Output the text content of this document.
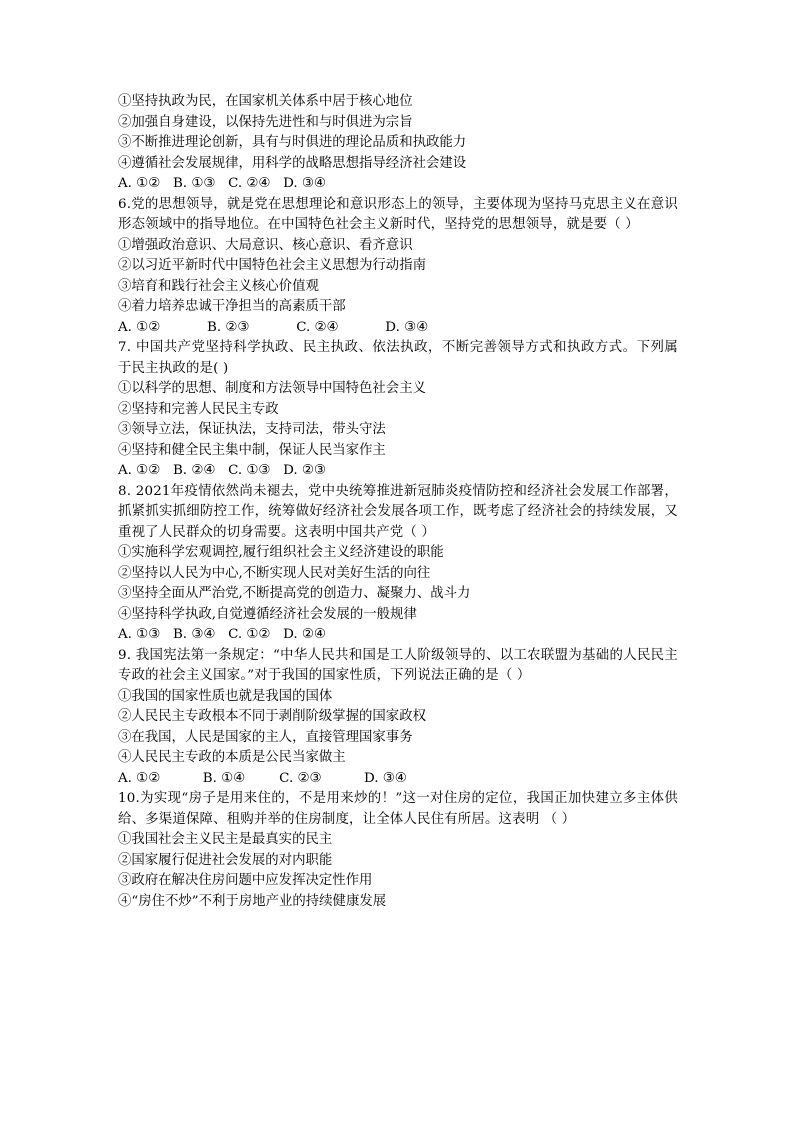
①坚持执政为民，在国家机关体系中居于核心地位
②加强自身建设，以保持先进性和与时俱进为宗旨
③不断推进理论创新，具有与时俱进的理论品质和执政能力
④遵循社会发展规律，用科学的战略思想指导经济社会建设
A. ①②   B. ①③   C. ②④   D. ③④
6.党的思想领导，就是党在思想理论和意识形态上的领导，主要体现为坚持马克思主义在意识形态领域中的指导地位。在中国特色社会主义新时代，坚持党的思想领导，就是要（ ）
①增强政治意识、大局意识、核心意识、看齐意识
②以习近平新时代中国特色社会主义思想为行动指南
③培育和践行社会主义核心价值观
④着力培养忠诚干净担当的高素质干部
A. ①②           B. ②③           C. ②④           D. ③④
7. 中国共产党坚持科学执政、民主执政、依法执政，不断完善领导方式和执政方式。下列属于民主执政的是( )
①以科学的思想、制度和方法领导中国特色社会主义
②坚持和完善人民民主专政
③领导立法，保证执法，支持司法，带头守法
④坚持和健全民主集中制，保证人民当家作主
A. ①②   B. ②④   C. ①③   D. ②③
8. 2021年疫情依然尚未褪去，党中央统筹推进新冠肺炎疫情防控和经济社会发展工作部署，抓紧抓实抓细防控工作，统筹做好经济社会发展各项工作，既考虑了经济社会的持续发展，又重视了人民群众的切身需要。这表明中国共产党（ ）
①实施科学宏观调控,履行组织社会主义经济建设的职能
②坚持以人民为中心,不断实现人民对美好生活的向往
③坚持全面从严治党,不断提高党的创造力、凝聚力、战斗力
④坚持科学执政,自觉遵循经济社会发展的一般规律
A. ①③   B. ③④   C. ①②   D. ②④
9. 我国宪法第一条规定：“中华人民共和国是工人阶级领导的、以工农联盟为基础的人民民主专政的社会主义国家。”对于我国的国家性质，下列说法正确的是（ ）
①我国的国家性质也就是我国的国体
②人民民主专政根本不同于剥削阶级掌握的国家政权
③在我国，人民是国家的主人，直接管理国家事务
④人民民主专政的本质是公民当家做主
A. ①②          B. ①④        C. ②③          D. ③④
10.为实现“房子是用来住的，不是用来炒的！”这一对住房的定位，我国正加快建立多主体供给、多渠道保障、租购并举的住房制度，让全体人民住有所居。这表明 （ ）
①我国社会主义民主是最真实的民主
②国家履行促进社会发展的对内职能
③政府在解决住房问题中应发挥决定性作用
④“房住不炒”不利于房地产业的持续健康发展
